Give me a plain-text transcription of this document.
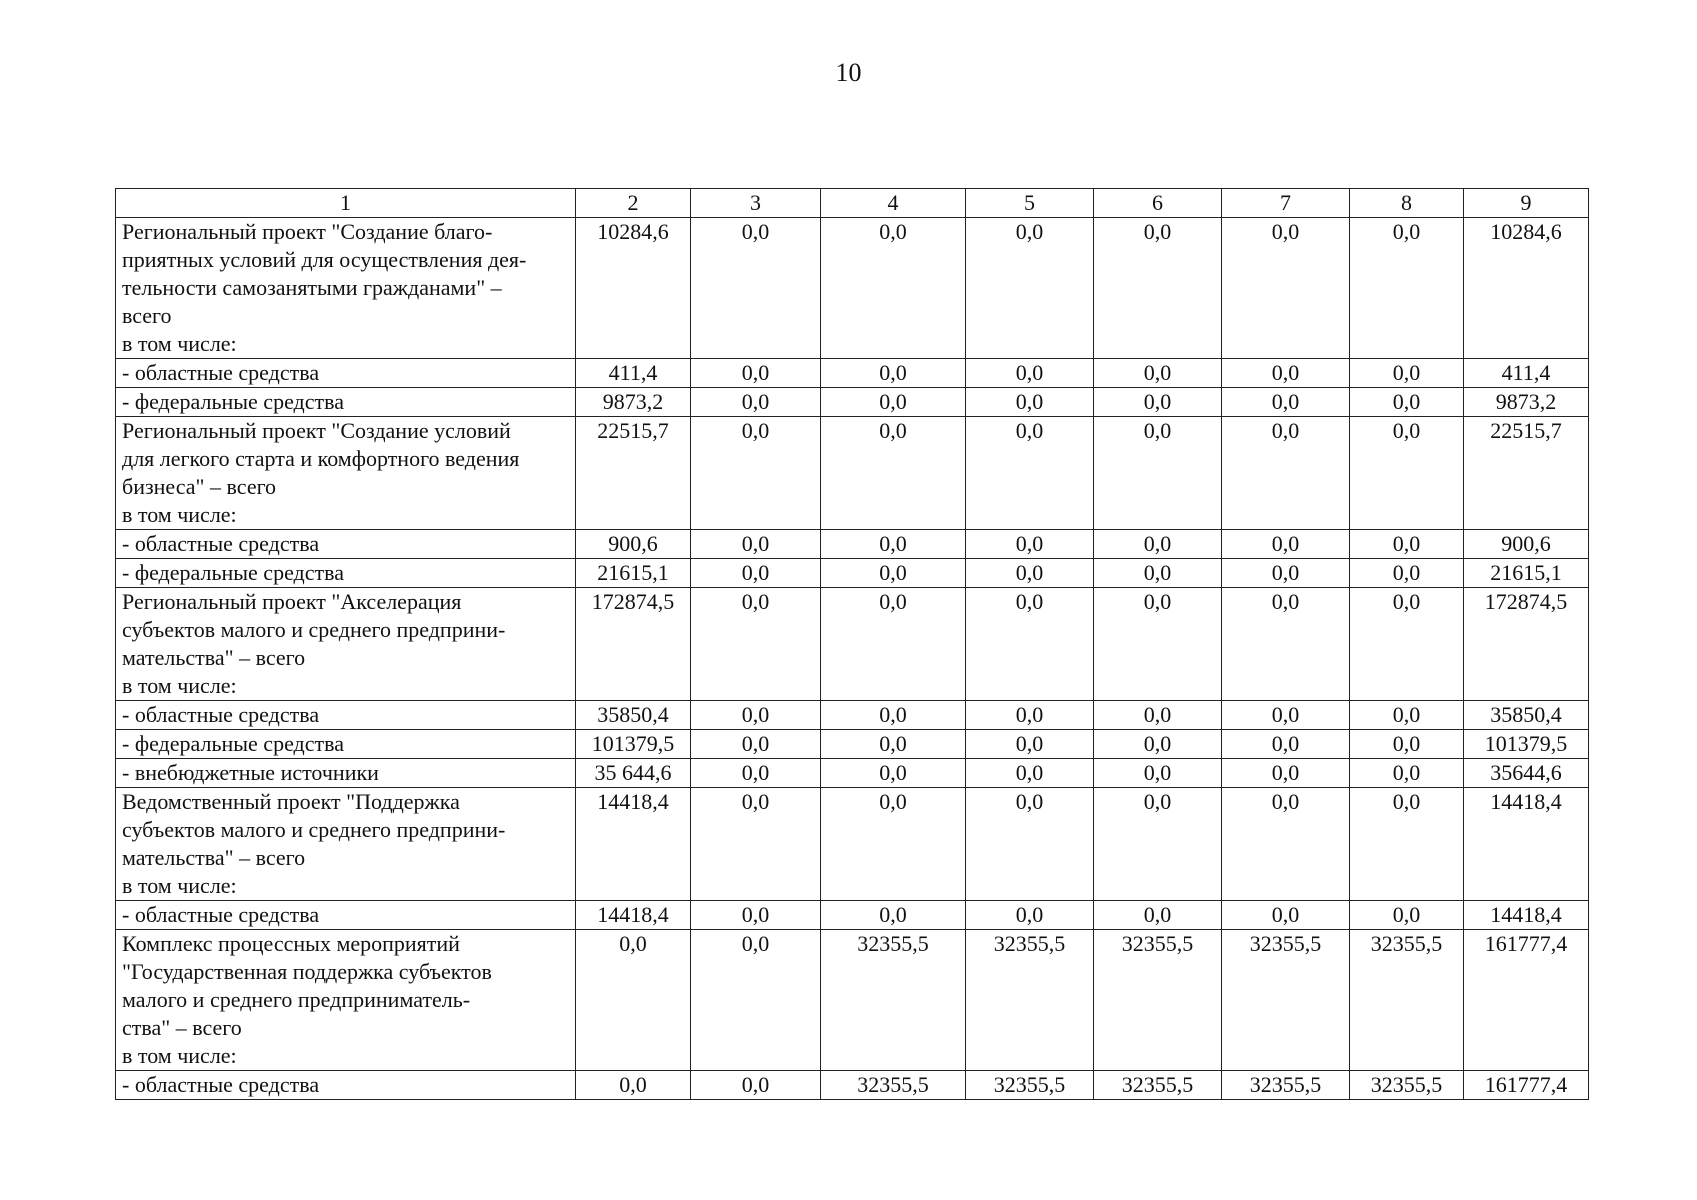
10
1	2	3	4	5	6	7	8	9

Региональный проект "Создание благо-
приятных условий для осуществления дея-
тельности самозанятыми гражданами" –
всего
в том числе:	10284,6	0,0	0,0	0,0	0,0	0,0	0,0	10284,6

- областные средства	411,4	0,0	0,0	0,0	0,0	0,0	0,0	411,4

- федеральные средства	9873,2	0,0	0,0	0,0	0,0	0,0	0,0	9873,2

Региональный проект "Создание условий
для легкого старта и комфортного ведения
бизнеса" – всего
в том числе:	22515,7	0,0	0,0	0,0	0,0	0,0	0,0	22515,7

- областные средства	900,6	0,0	0,0	0,0	0,0	0,0	0,0	900,6

- федеральные средства	21615,1	0,0	0,0	0,0	0,0	0,0	0,0	21615,1

Региональный проект "Акселерация
субъектов малого и среднего предприни-
мательства" – всего
в том числе:	172874,5	0,0	0,0	0,0	0,0	0,0	0,0	172874,5

- областные средства	35850,4	0,0	0,0	0,0	0,0	0,0	0,0	35850,4

- федеральные средства	101379,5	0,0	0,0	0,0	0,0	0,0	0,0	101379,5

- внебюджетные источники	35 644,6	0,0	0,0	0,0	0,0	0,0	0,0	35644,6

Ведомственный проект "Поддержка
субъектов малого и среднего предприни-
мательства" – всего
в том числе:	14418,4	0,0	0,0	0,0	0,0	0,0	0,0	14418,4

- областные средства	14418,4	0,0	0,0	0,0	0,0	0,0	0,0	14418,4

Комплекс процессных мероприятий
"Государственная поддержка субъектов
малого и среднего предприниматель-
ства" – всего
в том числе:	0,0	0,0	32355,5	32355,5	32355,5	32355,5	32355,5	161777,4

- областные средства	0,0	0,0	32355,5	32355,5	32355,5	32355,5	32355,5	161777,4
